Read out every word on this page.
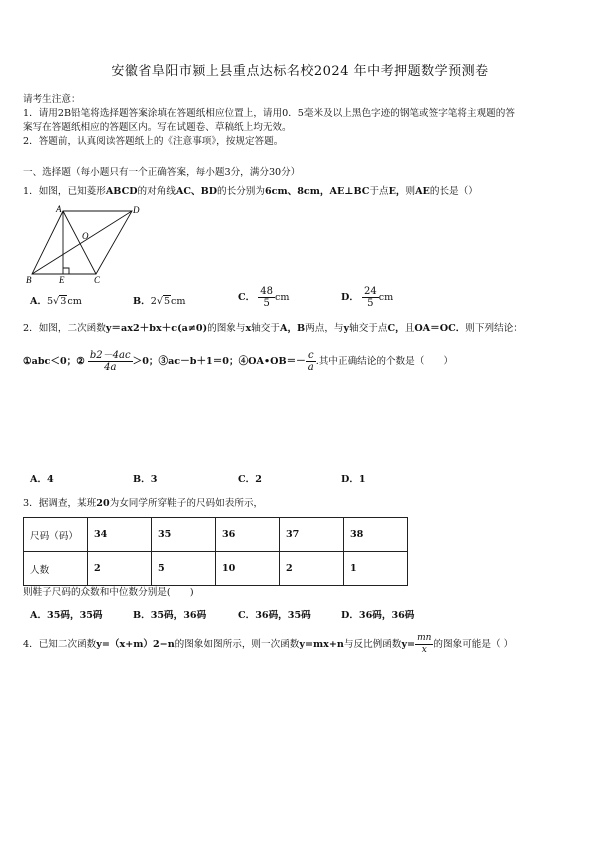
安徽省阜阳市颍上县重点达标名校2024 年中考押题数学预测卷
请考生注意：
1．请用2B铅笔将选择题答案涂填在答题纸相应位置上，请用0．5毫米及以上黑色字迹的钢笔或签字笔将主观题的答
案写在答题纸相应的答题区内。写在试题卷、草稿纸上均无效。
2．答题前，认真阅读答题纸上的《注意事项》，按规定答题。
一、选择题（每小题只有一个正确答案，每小题3分，满分30分）
1．如图，已知菱形ABCD的对角线AC、BD的长分别为6cm、8cm，AE⊥BC于点E，则AE的长是（）
A	D
O
B	E	C
A．5√3cm	B．2√5cm	C． $\frac{48}{5}$ cm	D． $\frac{24}{5}$ cm
2．如图，二次函数y＝ax2＋bx＋c(a≠0)的图象与x轴交于A，B两点，与y轴交于点C，且OA＝OC．则下列结论：
①abc＜0；② $\frac{b2-4ac}{4a} >0$；③ac－b＋1＝0；④OA•OB＝－ $\frac{c}{a}$ .其中正确结论的个数是（　　）
A．4	B．3	C．2	D．1
3．据调查，某班20为女同学所穿鞋子的尺码如表所示，
尺码（码）	34	35	36	37	38
人数	2	5	10	2	1
则鞋子尺码的众数和中位数分别是(　　)
A．35码，35码	B．35码，36码	C．36码，35码	D．36码，36码
4．已知二次函数y=（x+m）2−n的图象如图所示，则一次函数y=mx+n与反比例函数$y= \frac{mn}{x}$ 的图象可能是（ ）
